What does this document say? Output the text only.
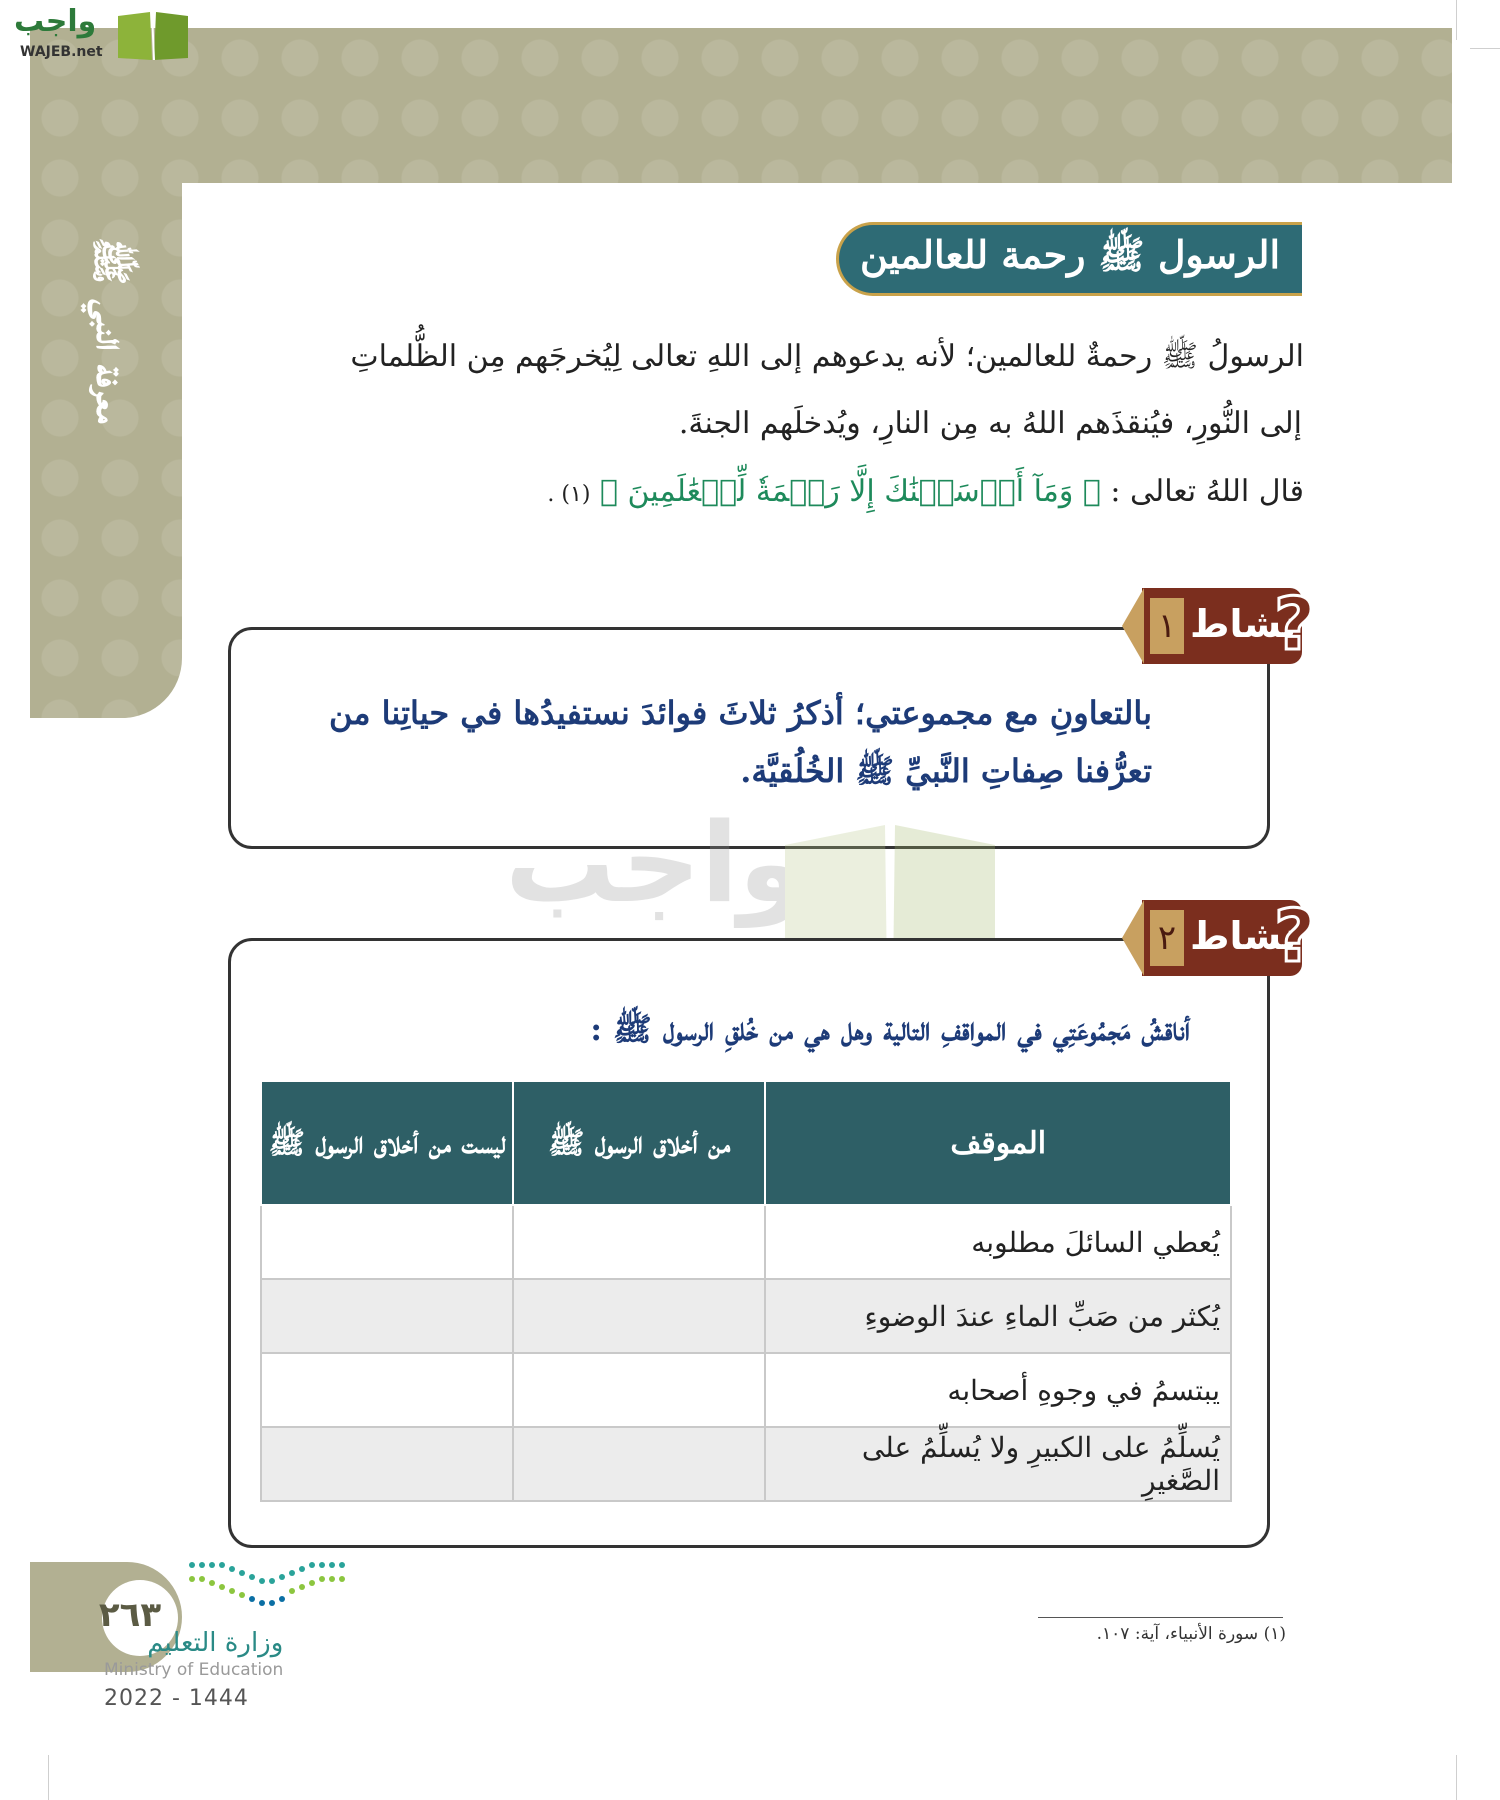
معرفة النبي ﷺ
واجب
WAJEB.net
الرسول ﷺ رحمة للعالمين
الرسولُ ﷺ رحمةٌ للعالمين؛ لأنه يدعوهم إلى اللهِ تعالى لِيُخرجَهم مِن الظُّلماتِ
إلى النُّورِ، فيُنقذَهم اللهُ به مِن النارِ، ويُدخلَهم الجنةَ.
قال اللهُ تعالى : ﴿ وَمَآ أَرۡسَلۡنَٰكَ إِلَّا رَحۡمَةٗ لِّلۡعَٰلَمِينَ ﴾ (١) .
١ نشاط
?
بالتعاونِ مع مجموعتي؛ أذكرُ ثلاثَ فوائدَ نستفيدُها في حياتِنا من
تعرُّفنا صِفاتِ النَّبيِّ ﷺ الخُلُقيَّة.
واجب
٢ نشاط
?
أناقشُ مَجمُوعَتِي في المواقفِ التالية وهل هي من خُلقِ الرسول ﷺ :
الموقف	من أخلاق الرسول ﷺ	ليست من أخلاق الرسول ﷺ
يُعطي السائلَ مطلوبه		
يُكثر من صَبِّ الماءِ عندَ الوضوءِ		
يبتسمُ في وجوهِ أصحابه		
يُسلِّمُ على الكبيرِ ولا يُسلِّمُ على الصَّغيرِ		
٢٦٣
وزارة التعليم
Ministry of Education
2022 - 1444
(١) سورة الأنبياء، آية: ١٠٧.
